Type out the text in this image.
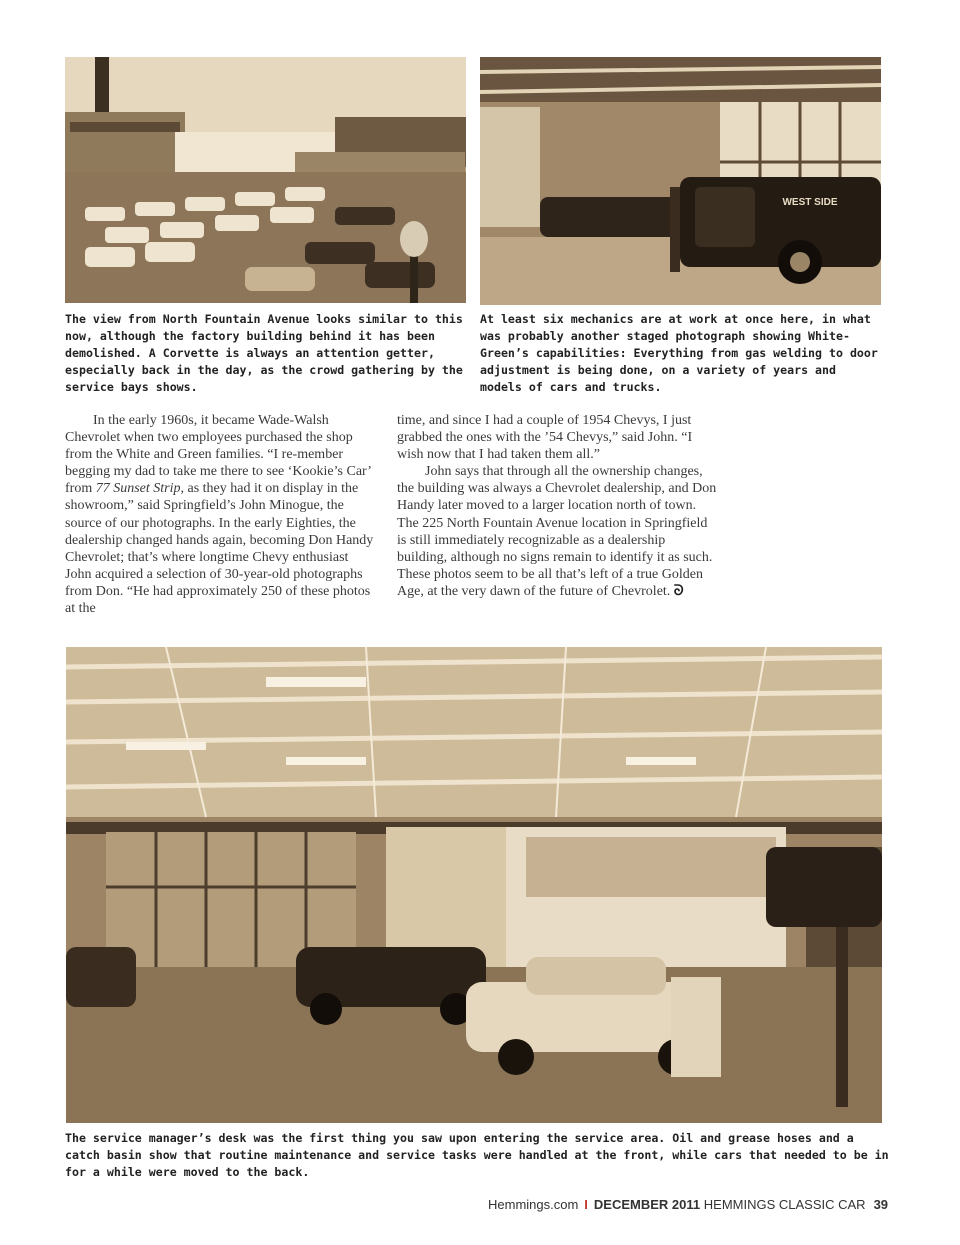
WEST SIDE

The view from North Fountain Avenue looks similar to this now, although the factory building behind it has been demolished. A Corvette is always an attention getter, especially back in the day, as the crowd gathering by the service bays shows.

At least six mechanics are at work at once here, in what was probably another staged photograph showing White-Green’s capabilities: Everything from gas welding to door adjustment is being done, on a variety of years and models of cars and trucks.

In the early 1960s, it became Wade-Walsh Chevrolet when two employees purchased the shop from the White and Green families. “I re-member begging my dad to take me there to see ‘Kookie’s Car’ from 77 Sunset Strip, as they had it on display in the showroom,” said Springfield’s John Minogue, the source of our photographs. In the early Eighties, the dealership changed hands again, becoming Don Handy Chevrolet; that’s where longtime Chevy enthusiast John acquired a selection of 30-year-old photographs from Don. “He had approximately 250 of these photos at the

time, and since I had a couple of 1954 Chevys, I just grabbed the ones with the ’54 Chevys,” said John. “I wish now that I had taken them all.”

John says that through all the ownership changes, the building was always a Chevrolet dealership, and Don Handy later moved to a larger location north of town. The 225 North Fountain Avenue location in Springfield is still immediately recognizable as a dealership building, although no signs remain to identify it as such. These photos seem to be all that’s left of a true Golden Age, at the very dawn of the future of Chevrolet. ᘐ

The service manager’s desk was the first thing you saw upon entering the service area. Oil and grease hoses and a catch basin show that routine maintenance and service tasks were handled at the front, while cars that needed to be in for a while were moved to the back.

Hemmings.com I DECEMBER 2011 HEMMINGS CLASSIC CAR 39
